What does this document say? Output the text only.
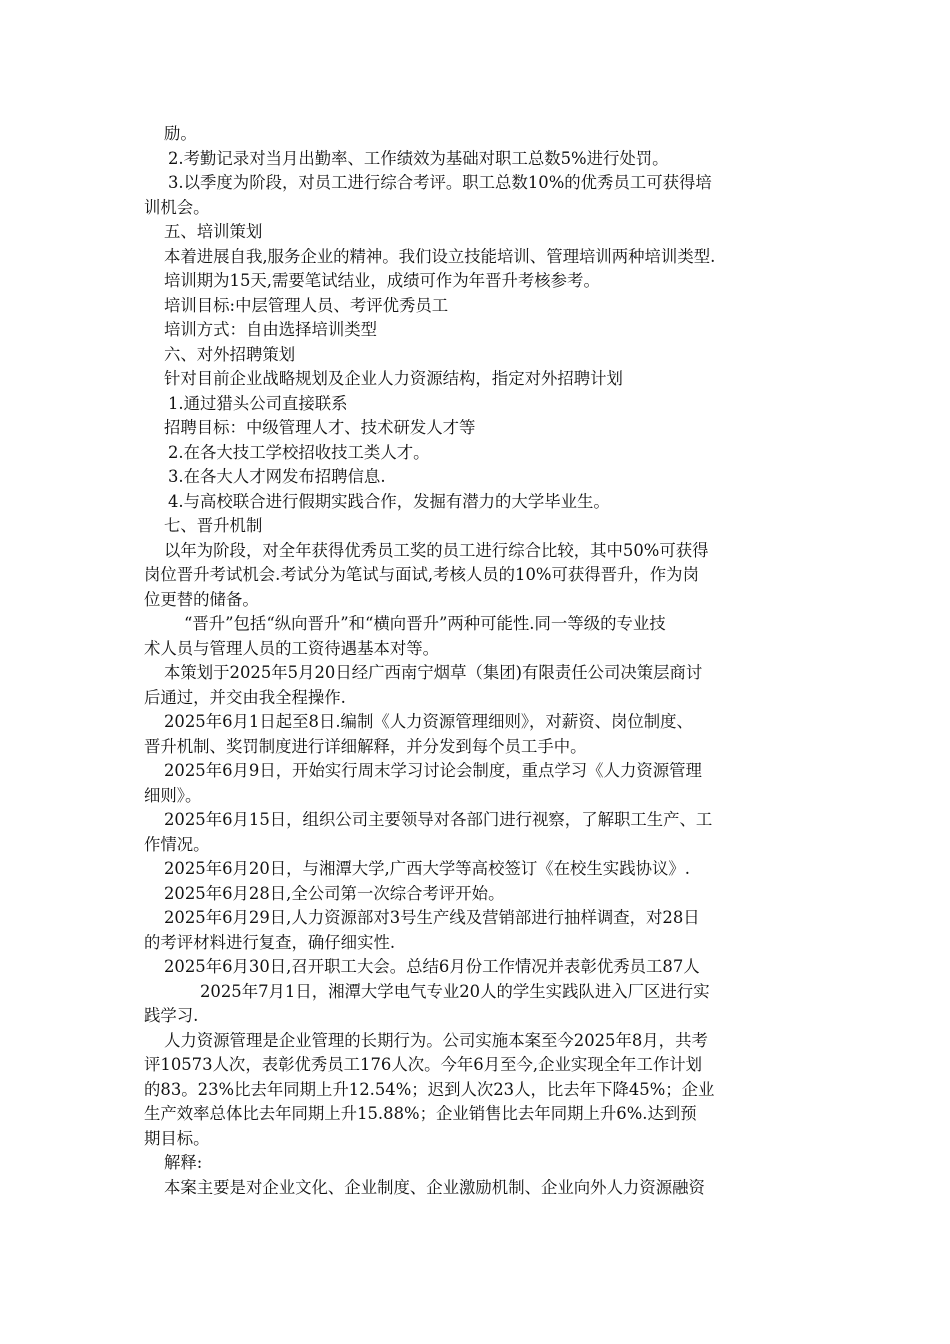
励。
2.考勤记录对当月出勤率、工作绩效为基础对职工总数5%进行处罚。
3.以季度为阶段，对员工进行综合考评。职工总数10%的优秀员工可获得培
训机会。
五、培训策划
本着进展自我,服务企业的精神。我们设立技能培训、管理培训两种培训类型.
培训期为15天,需要笔试结业，成绩可作为年晋升考核参考。
培训目标:中层管理人员、考评优秀员工
培训方式：自由选择培训类型
六、对外招聘策划
针对目前企业战略规划及企业人力资源结构，指定对外招聘计划
1.通过猎头公司直接联系
招聘目标：中级管理人才、技术研发人才等
2.在各大技工学校招收技工类人才。
3.在各大人才网发布招聘信息.
4.与高校联合进行假期实践合作，发掘有潜力的大学毕业生。
七、晋升机制
以年为阶段，对全年获得优秀员工奖的员工进行综合比较，其中50%可获得
岗位晋升考试机会.考试分为笔试与面试,考核人员的10%可获得晋升，作为岗
位更替的储备。
“晋升”包括“纵向晋升”和“横向晋升”两种可能性.同一等级的专业技
术人员与管理人员的工资待遇基本对等。
本策划于2025年5月20日经广西南宁烟草（集团)有限责任公司决策层商讨
后通过，并交由我全程操作.
2025年6月1日起至8日.编制《人力资源管理细则》，对薪资、岗位制度、
晋升机制、奖罚制度进行详细解释，并分发到每个员工手中。
2025年6月9日，开始实行周末学习讨论会制度，重点学习《人力资源管理
细则》。
2025年6月15日，组织公司主要领导对各部门进行视察，了解职工生产、工
作情况。
2025年6月20日，与湘潭大学,广西大学等高校签订《在校生实践协议》.
2025年6月28日,全公司第一次综合考评开始。
2025年6月29日,人力资源部对3号生产线及营销部进行抽样调查，对28日
的考评材料进行复查，确仔细实性.
2025年6月30日,召开职工大会。总结6月份工作情况并表彰优秀员工87人
2025年7月1日，湘潭大学电气专业20人的学生实践队进入厂区进行实
践学习.
人力资源管理是企业管理的长期行为。公司实施本案至今2025年8月，共考
评10573人次，表彰优秀员工176人次。今年6月至今,企业实现全年工作计划
的83。23%比去年同期上升12.54%；迟到人次23人，比去年下降45%；企业
生产效率总体比去年同期上升15.88%；企业销售比去年同期上升6%.达到预
期目标。
解释:
本案主要是对企业文化、企业制度、企业激励机制、企业向外人力资源融资
